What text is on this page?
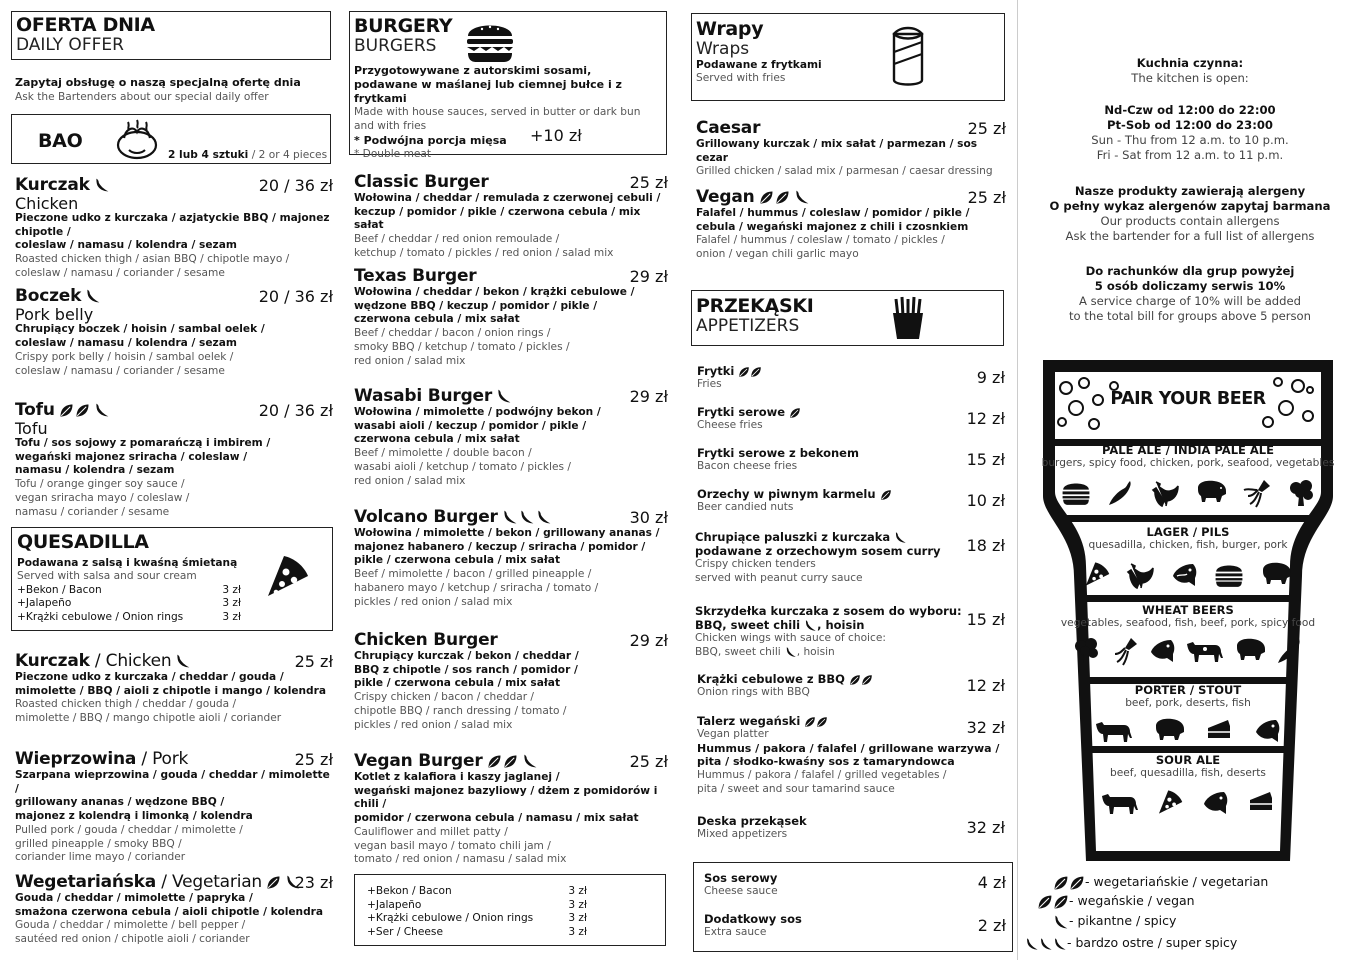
OFERTA DNIA
DAILY OFFER
Zapytaj obsługę o naszą specjalną ofertę dnia
Ask the Bartenders about our special daily offer
BAO
2 lub 4 sztuki / 2 or 4 pieces
Kurczak
Chicken
20 / 36 zł
Pieczone udko z kurczaka / azjatyckie BBQ / majonez chipotle /
coleslaw / namasu / kolendra / sezam
Roasted chicken thigh / asian BBQ / chipotle mayo /
coleslaw / namasu / coriander / sesame
Boczek
Pork belly
20 / 36 zł
Chrupiący boczek / hoisin / sambal oelek /
coleslaw / namasu / kolendra / sezam
Crispy pork belly / hoisin / sambal oelek /
coleslaw / namasu / coriander / sesame
Tofu
Tofu
20 / 36 zł
Tofu / sos sojowy z pomarańczą i imbirem /
wegański majonez sriracha / coleslaw /
namasu / kolendra / sezam
Tofu / orange ginger soy sauce /
vegan sriracha mayo / coleslaw /
namasu / coriander / sesame
QUESADILLA
Podawana z salsą i kwaśną śmietaną
Served with salsa and sour cream
+Bekon / Bacon	3 zł
+Jalapeño	3 zł
+Krążki cebulowe / Onion rings	3 zł
Kurczak / Chicken	25 zł
Pieczone udko z kurczaka / cheddar / gouda /
mimolette / BBQ / aioli z chipotle i mango / kolendra
Roasted chicken thigh / cheddar / gouda /
mimolette / BBQ / mango chipotle aioli / coriander
Wieprzowina / Pork	25 zł
Szarpana wieprzowina / gouda / cheddar / mimolette /
grillowany ananas / wędzone BBQ /
majonez z kolendrą i limonką / kolendra
Pulled pork / gouda / cheddar / mimolette /
grilled pineapple / smoky BBQ /
coriander lime mayo / coriander
Wegetariańska / Vegetarian	23 zł
Gouda / cheddar / mimolette / papryka /
smażona czerwona cebula / aioli chipotle / kolendra
Gouda / cheddar / mimolette / bell pepper /
sautéed red onion / chipotle aioli / coriander
BURGERY
BURGERS
Przygotowywane z autorskimi sosami,
podawane w maślanej lub ciemnej bułce i z frytkami
Made with house sauces, served in butter or dark bun and with fries
* Podwójna porcja mięsa
* Double meat
+10 zł
Classic Burger	25 zł
Wołowina / cheddar / remulada z czerwonej cebuli /
keczup / pomidor / pikle / czerwona cebula / mix sałat
Beef / cheddar / red onion remoulade /
ketchup / tomato / pickles / red onion / salad mix
Texas Burger	29 zł
Wołowina / cheddar / bekon / krążki cebulowe /
wędzone BBQ / keczup / pomidor / pikle /
czerwona cebula / mix sałat
Beef / cheddar / bacon / onion rings /
smoky BBQ / ketchup / tomato / pickles /
red onion / salad mix
Wasabi Burger	29 zł
Wołowina / mimolette / podwójny bekon /
wasabi aioli / keczup / pomidor / pikle /
czerwona cebula / mix sałat
Beef / mimolette / double bacon /
wasabi aioli / ketchup / tomato / pickles /
red onion / salad mix
Volcano Burger	30 zł
Wołowina / mimolette / bekon / grillowany ananas /
majonez habanero / keczup / sriracha / pomidor /
pikle / czerwona cebula / mix sałat
Beef / mimolette / bacon / grilled pineapple /
habanero mayo / ketchup / sriracha / tomato /
pickles / red onion / salad mix
Chicken Burger	29 zł
Chrupiący kurczak / bekon / cheddar /
BBQ z chipotle / sos ranch / pomidor /
pikle / czerwona cebula / mix sałat
Crispy chicken / bacon / cheddar /
chipotle BBQ / ranch dressing / tomato /
pickles / red onion / salad mix
Vegan Burger	25 zł
Kotlet z kalafiora i kaszy jaglanej /
wegański majonez bazyliowy / dżem z pomidorów i chili /
pomidor / czerwona cebula / namasu / mix sałat
Cauliflower and millet patty /
vegan basil mayo / tomato chili jam /
tomato / red onion / namasu / salad mix
+Bekon / Bacon	3 zł
+Jalapeño	3 zł
+Krążki cebulowe / Onion rings	3 zł
+Ser / Cheese	3 zł
Wrapy
Wraps
Podawane z frytkami
Served with fries
Caesar	25 zł
Grillowany kurczak / mix sałat / parmezan / sos cezar
Grilled chicken / salad mix / parmesan / caesar dressing
Vegan	25 zł
Falafel / hummus / coleslaw / pomidor / pikle /
cebula / wegański majonez z chili i czosnkiem
Falafel / hummus / coleslaw / tomato / pickles /
onion / vegan chili garlic mayo
PRZEKĄSKI
APPETIZERS
Frytki
Fries	9 zł
Frytki serowe
Cheese fries	12 zł
Frytki serowe z bekonem
Bacon cheese fries	15 zł
Orzechy w piwnym karmelu
Beer candied nuts	10 zł
Chrupiące paluszki z kurczaka
podawane z orzechowym sosem curry
Crispy chicken tenders
served with peanut curry sauce
18 zł
Skrzydełka kurczaka z sosem do wyboru:
BBQ, sweet chili , hoisin
Chicken wings with sauce of choice:
BBQ, sweet chili , hoisin
15 zł
Krążki cebulowe z BBQ
Onion rings with BBQ	12 zł
Talerz wegański
Vegan platter
Hummus / pakora / falafel / grillowane warzywa /
pita / słodko-kwaśny sos z tamaryndowca
Hummus / pakora / falafel / grilled vegetables /
pita / sweet and sour tamarind sauce
32 zł
Deska przekąsek
Mixed appetizers	32 zł
Sos serowy
Cheese sauce	4 zł
Dodatkowy sos
Extra sauce	2 zł
Kuchnia czynna:
The kitchen is open:
Nd-Czw od 12:00 do 22:00
Pt-Sob od 12:00 do 23:00
Sun - Thu from 12 a.m. to 10 p.m.
Fri - Sat from 12 a.m. to 11 p.m.
Nasze produkty zawierają alergeny
O pełny wykaz alergenów zapytaj barmana
Our products contain allergens
Ask the bartender for a full list of allergens
Do rachunków dla grup powyżej
5 osób doliczamy serwis 10%
A service charge of 10% will be added
to the total bill for groups above 5 person
PAIR YOUR BEER
PALE ALE / INDIA PALE ALE
burgers, spicy food, chicken, pork, seafood, vegetables
LAGER / PILS
quesadilla, chicken, fish, burger, pork
WHEAT BEERS
vegetables, seafood, fish, beef, pork, spicy food
PORTER / STOUT
beef, pork, deserts, fish
SOUR ALE
beef, quesadilla, fish, deserts
- wegetariańskie / vegetarian
- wegańskie / vegan
- pikantne / spicy
- bardzo ostre / super spicy
